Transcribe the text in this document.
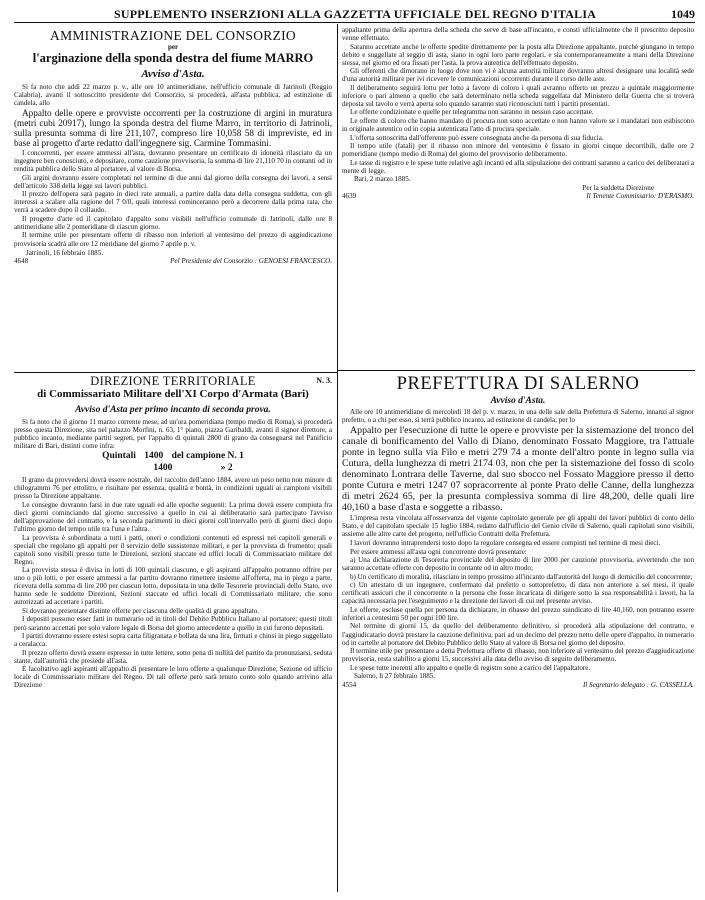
SUPPLEMENTO INSERZIONI ALLA GAZZETTA UFFICIALE DEL REGNO D'ITALIA	1049

AMMINISTRAZIONE DEL CONSORZIO

per

l'arginazione della sponda destra del fiume MARRO

Avviso d'Asta.

Si fa noto che addì 22 marzo p. v., alle ore 10 antimeridiane, nell'ufficio comunale di Jatrinoli (Reggio Calabria), avanti il sottoscritto presidente del Consorzio, si procederà, all'asta pubblica, ad estinzione di candela, allo

Appalto delle opere e provviste occorrenti per la costruzione di argini in muratura (metri cubi 20917), lungo la sponda destra del fiume Marro, in territorio di Jatrinoli, sulla presunta somma di lire 211,107, compreso lire 10,058 58 di impreviste, ed in base al progetto d'arte redatto dall'ingegnere sig. Carmine Tommasini.

I concorrenti, per essere ammessi all'asta, dovranno presentare un certificato di idoneità rilasciato da un ingegnere ben conosciuto, e depositare, come cauzione provvisoria, la somma di lire 21,110 70 in contanti od in rendita pubblica dello Stato al portatore, al valore di Borsa.

Gli argini dovranno essere completati nel termine di due anni dal giorno della consegna dei lavori, a sensi dell'articolo 338 della legge sui lavori pubblici.

Il prezzo dell'opera sarà pagato in dieci rate annuali, a partire dalla data della consegna suddetta, con gli interessi a scalare alla ragione del 7 0/0, quali interessi cominceranno però a decorrere dalla prima rata, che verrà a scadere dopo il collaudo.

Il progetto d'arte ed il capitolato d'appalto sono visibili nell'ufficio comunale di Jatrinoli, dalle ore 8 antimeridiane alle 2 pomeridiane di ciascun giorno.

Il termine utile per presentare offerte di ribasso non inferiori al ventesimo del prezzo di aggiudicazione provvisoria scadrà alle ore 12 meridiane del giorno 7 aprile p. v.

Jatrinoli, 16 febbraio 1885.

4648	Pel Presidente del Consorzio : GENOESI FRANCESCO.
N. 3.

DIREZIONE TERRITORIALE

di Commissariato Militare dell'XI Corpo d'Armata (Bari)

Avviso d'Asta per primo incanto di seconda prova.

Si fa noto che il giorno 11 marzo corrente mese, ad un'ora pomeridiana (tempo medio di Roma), si procederà presso questa Direzione, sita nel palazzo Morfini, n. 63, 1° piano, piazza Garibaldi, avanti il signor direttore, a pubblico incanto, mediante partiti segreti, per l'appalto di quintali 2800 di grano da consegnarsi nel Panificio militare di Bari, distinti come infra:

Quintali 1400 del campione N. 1

1400	» 2

Il grano da provvedersi dovrà essere nostrale, del raccolto dell'anno 1884, avere un peso netto non minore di chilogrammi 76 per ettolitro, e risultare per essenza, qualità e bontà, in condizioni uguali ai campioni visibili presso la Direzione appaltante.

Le consegne dovranno farsi in due rate uguali ed alle epoche seguenti: La prima dovrà essere compiuta fra dieci giorni cominciando dal giorno successivo a quello in cui ai deliberatario sarà partecipato l'avviso dell'approvazione del contratto, e la seconda parimenti in dieci giorni coll'intervallo però di giorni dieci dopo l'ultimo giorno del tempo utile tra l'una e l'altra.

La provvista è subordinata a tutti i patti, oneri e condizioni contenuti ed espressi nei capitoli generali e speciali che regolano gli appalti per il servizio delle sussistenze militari, e per la provvista di frumento: quali capitoli sono visibili presso tutte le Direzioni, sezioni staccate ed uffici locali di Commissariato militare del Regno.

La provvista stessa è divisa in lotti di 100 quintali ciascuno, e gli aspiranti all'appalto potranno offrire per uno o più lotti, e per essere ammessi a far partito dovranno rimettere insieme all'offerta, ma in piego a parte, ricevuta della somma di lire 200 per ciascun lotto, depositata in una delle Tesorerie provinciali dello Stato, ove hanno sede le suddette Direzioni, Sezioni staccate ed uffici locali di Commissariato militare, che sono autorizzati ad accettare i partiti.

Si dovranno presentare distinte offerte per ciascuna delle qualità di grano appaltato.

I depositi possono esser fatti in numerario od in titoli del Debito Pubblico Italiano al portatore; questi titoli però saranno accettati per solo valore legale di Borsa del giorno antecedente a quello in cui furono depositati.

I partiti dovranno essere estesi sopra carta filigranata e bollata da una lira, firmati e chiusi in piego suggellato a ceralacca.

Il prezzo offerto dovrà essere espresso in tutte lettere, sotto pena di nullità del partito da pronunziarsi, seduta stante, dall'autorità che presiede all'asta.

È facoltativo agli aspiranti all'appalto di presentare le loro offerte a qualunque Direzione, Sezione od ufficio locale di Commissariato militare del Regno. Di tali offerte però sarà tenuto conto solo quando arrivino alla Direzione

appaltante prima della apertura della scheda che serve di base all'incanto, e consti ufficialmente che il prescritto deposito venne effettuato.

Saranno accettate anche le offerte spedite direttamente per la posta alla Direzione appaltante, purchè giungano in tempo debito e suggellate al seggio di asta, siano in ogni loro parte regolari, e sia contemporaneamente a mani della Direzione stessa, nel giorno ed ora fissati per l'asta, la prova autentica dell'effettuato deposito.

Gli offerenti che dimorano in luogo dove non vi è alcuna autorità militare dovranno altresì designare una località sede d'una autorità militare per ivi ricevere le comunicazioni occorrenti durante il corso delle aste.

Il deliberamento seguirà lotto per lotto a favore di coloro i quali avranno offerto un prezzo a quintale maggiormente inferiore o pari almeno a quello che sarà determinato nella scheda suggellata dal Ministero della Guerra che si troverà deposta sul tavolo e verrà aperta solo quando saranno stati riconosciuti tutti i partiti presentati.

Le offerte condizionate e quelle per telegramma non saranno in nessun caso accettate.

Le offerte di coloro che hanno mandato di procura non sono accettate e non hanno valore se i mandatari non esibiscono in originale autentico od in copia autenticata l'atto di procura speciale.

L'offerta sottoscritta dall'offerente può essere consegnata anche da persona di sua fiducia.

Il tempo utile (fatali) per il ribasso non minore del ventesimo è fissato in giorni cinque decorribili, dalle ore 2 pomeridiane (tempo medio di Roma) del giorno del provvisorio deliberamento.

Le tasse di registro e le spese tutte relative agli incanti ed alla stipulazione dei contratti saranno a carico dei deliberatari a mente di legge.

Bari, 2 marzo 1885.

Per la suddetta Direzione

4639	Il Tenente Commissario: D'ERASMO.

PREFETTURA DI SALERNO

Avviso d'Asta.

Alle ore 10 antimeridiane di mercoledì 18 del p. v. marzo, in una delle sale della Prefettura di Salerno, innanzi al signor prefetto, o a chi per esso, si terrà pubblico incanto, ad estinzione di candela, per lo

Appalto per l'esecuzione di tutte le opere e provviste per la sistemazione del tronco del canale di bonificamento del Vallo di Diano, denominato Fossato Maggiore, tra l'attuale ponte in legno sulla via Filo e metri 279 74 a monte dell'altro ponte in legno sulla via Cutura, della lunghezza di metri 2174 03, non che per la sistemazione del fosso di scolo denominato Lontrara delle Taverne, dal suo sbocco nel Fossato Maggiore presso il detto ponte Cutura e metri 1247 07 sopracorrente al ponte Prato delle Canne, della lunghezza di metri 2624 65, per la presunta complessiva somma di lire 48,200, delle quali lire 40,160 a base d'asta e soggette a ribasso.

L'impresa resta vincolata all'osservanza del vigente capitolato generale per gli appalti dei lavori pubblici di conto dello Stato, e del capitolato speciale 15 luglio 1884, redatto dall'ufficio del Genio civile di Salerno, quali capitolati sono visibili, assieme alle altre carte del progetto, nell'ufficio Contratti della Prefettura.

I lavori dovranno intraprendersi tosto dopo la regolare consegna ed essere compiuti nel termine di mesi dieci.

Per essere ammessi all'asta ogni concorrente dovrà presentare:

a) Una dichiarazione di Tesoreria provinciale del deposito di lire 2000 per cauzione provvisoria, avvertendo che non saranno accettate offerte con deposito in contante od in altro modo;

b) Un certificato di moralità, rilasciato in tempo prossimo all'incanto dall'autorità del luogo di domicilio del concorrente;

c) Un attestato di un ingegnere, confermato dal prefetto o sottoprefetto, di data non anteriore a sei mesi, il quale certificati assicuri che il concorrente o la persona che fosse incaricata di dirigere sotto la sua responsabilità i lavori, ha la capacità necessaria per l'eseguimento e la direzione dei lavori di cui nel presente avviso.

Le offerte, escluse quella per persona da dichiarare, in ribasso del prezzo suindicato di lire 40,160, non potranno essere inferiori a centesimi 50 per ogni 100 lire.

Nel termine di giorni 15, da quello del deliberamento definitivo, si procederà alla stipulazione del contratto, e l'aggiudicatario dovrà prestare la cauzione definitiva, pari ad un decimo del prezzo netto delle opere d'appalto, in numerario od in cartelle al portatore del Debito Pubblico dello Stato al valore di Borsa nel giorno del deposito.

Il termine utile per presentare a detta Prefettura offerte di ribasso, non inferiore al ventesimo del prezzo d'aggiudicazione provvisoria, resta stabilito a giorni 15, successivi alla data dello avviso di seguito deliberamento.

Le spese tutte inerenti allo appalto e quelle di registro sono a carico del l'appaltatore.

Salerno, lì 27 febbraio 1885.

4554	Il Segretario delegato : G. CASSELLA.
